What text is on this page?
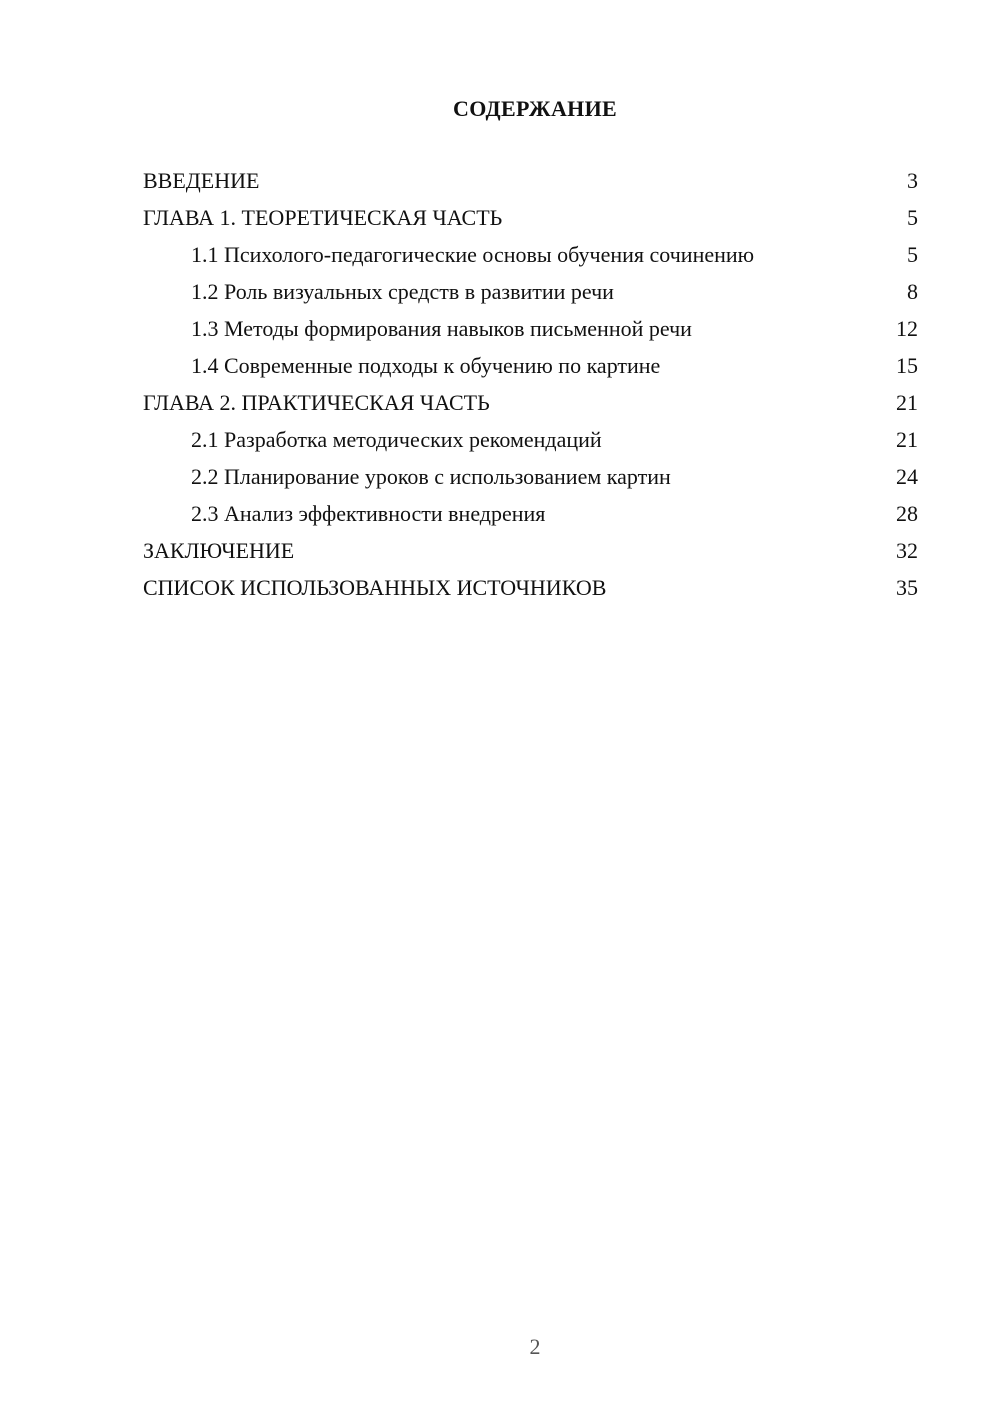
СОДЕРЖАНИЕ
ВВЕДЕНИЕ	3
ГЛАВА 1. ТЕОРЕТИЧЕСКАЯ ЧАСТЬ	5
1.1 Психолого-педагогические основы обучения сочинению	5
1.2 Роль визуальных средств в развитии речи	8
1.3 Методы формирования навыков письменной речи	12
1.4 Современные подходы к обучению по картине	15
ГЛАВА 2. ПРАКТИЧЕСКАЯ ЧАСТЬ	21
2.1 Разработка методических рекомендаций	21
2.2 Планирование уроков с использованием картин	24
2.3 Анализ эффективности внедрения	28
ЗАКЛЮЧЕНИЕ	32
СПИСОК ИСПОЛЬЗОВАННЫХ ИСТОЧНИКОВ	35
2
